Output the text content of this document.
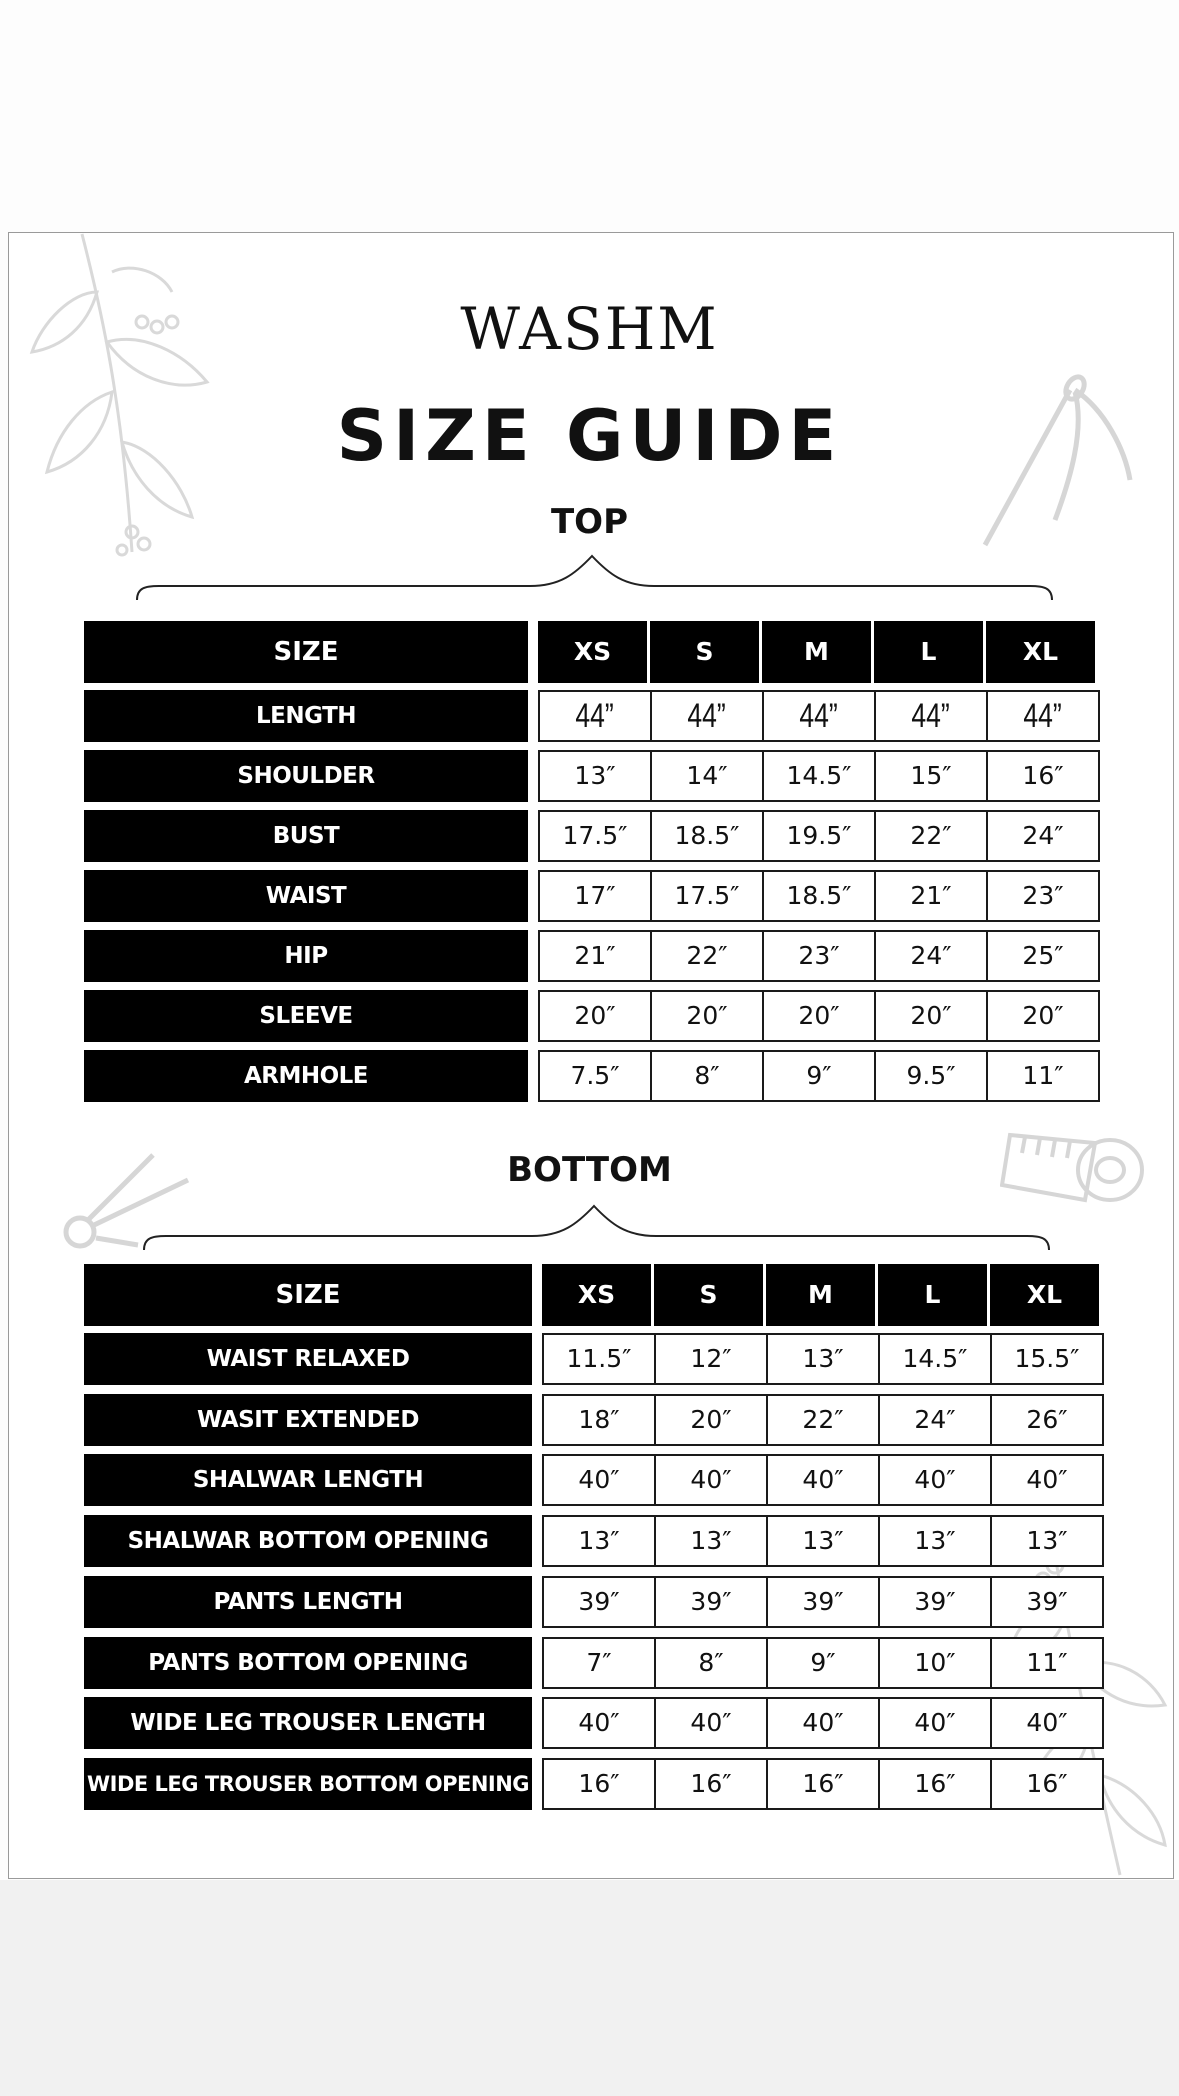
WASHM
SIZE GUIDE
TOP
SIZE	XS	S	M	L	XL
LENGTH	44”	44”	44”	44”	44”
SHOULDER	13″	14″	14.5″	15″	16″
BUST	17.5″	18.5″	19.5″	22″	24″
WAIST	17″	17.5″	18.5″	21″	23″
HIP	21″	22″	23″	24″	25″
SLEEVE	20″	20″	20″	20″	20″
ARMHOLE	7.5″	8″	9″	9.5″	11″
BOTTOM
SIZE	XS	S	M	L	XL
WAIST RELAXED	11.5″	12″	13″	14.5″	15.5″
WASIT EXTENDED	18″	20″	22″	24″	26″
SHALWAR LENGTH	40″	40″	40″	40″	40″
SHALWAR BOTTOM OPENING	13″	13″	13″	13″	13″
PANTS LENGTH	39″	39″	39″	39″	39″
PANTS BOTTOM OPENING	7″	8″	9″	10″	11″
WIDE LEG TROUSER LENGTH	40″	40″	40″	40″	40″
WIDE LEG TROUSER BOTTOM OPENING	16″	16″	16″	16″	16″
